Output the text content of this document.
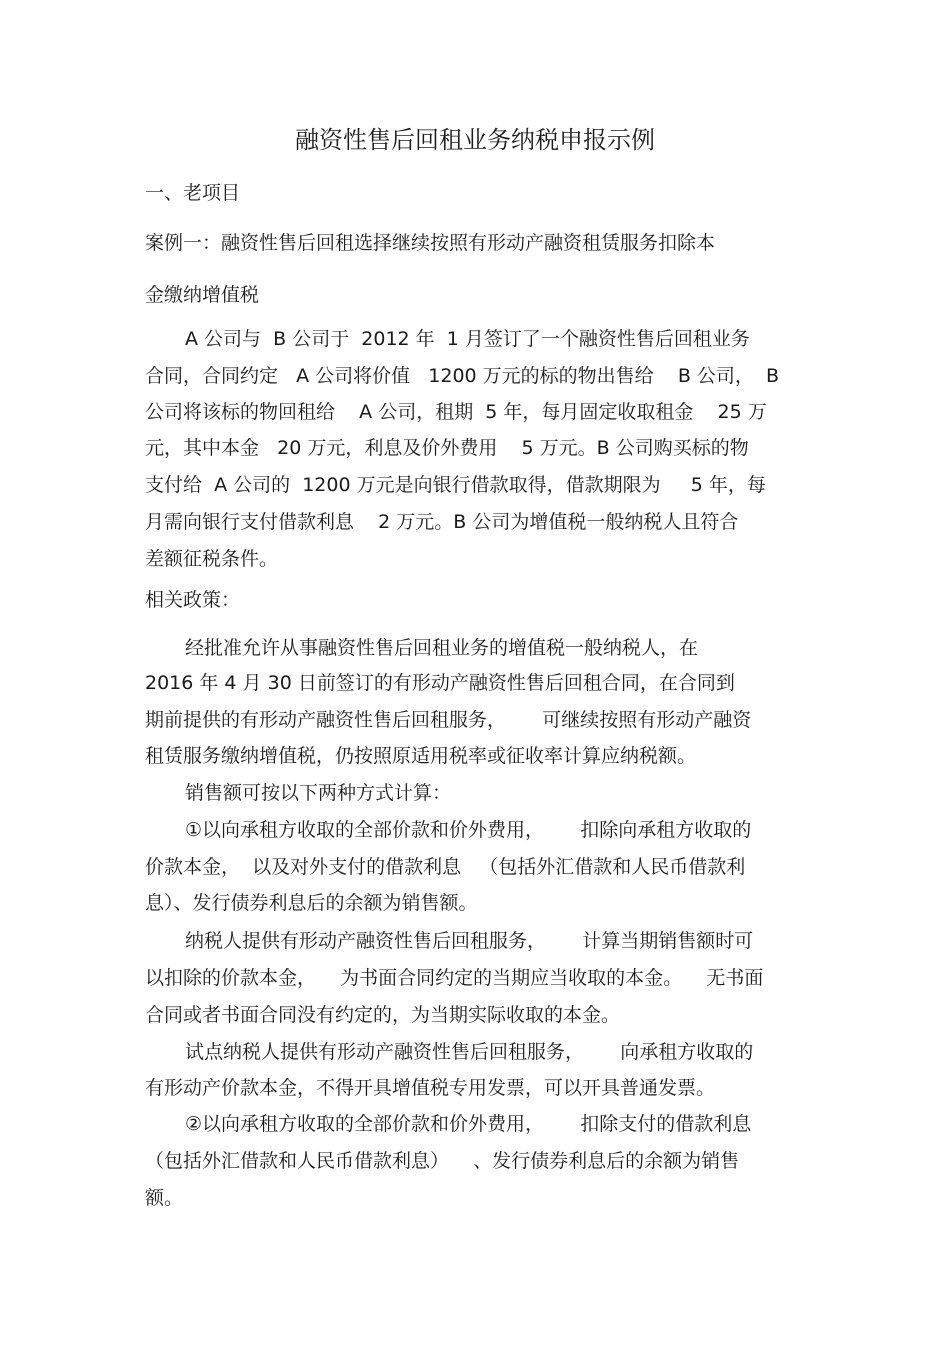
融资性售后回租业务纳税申报示例
一、老项目
案例一：融资性售后回租选择继续按照有形动产融资租赁服务扣除本
金缴纳增值税
A 公司与  B 公司于  2012 年  1 月签订了一个融资性售后回租业务
合同，合同约定   A 公司将价值   1200 万元的标的物出售给    B 公司，  B
公司将该标的物回租给    A 公司，租期  5 年，每月固定收取租金    25 万
元，其中本金   20 万元，利息及价外费用    5 万元。B 公司购买标的物
支付给  A 公司的  1200 万元是向银行借款取得，借款期限为     5 年，每
月需向银行支付借款利息    2 万元。B 公司为增值税一般纳税人且符合
差额征税条件。
相关政策：
经批准允许从事融资性售后回租业务的增值税一般纳税人，在
2016 年 4 月 30 日前签订的有形动产融资性售后回租合同，在合同到
期前提供的有形动产融资性售后回租服务，      可继续按照有形动产融资
租赁服务缴纳增值税，仍按照原适用税率或征收率计算应纳税额。
销售额可按以下两种方式计算：
①以向承租方收取的全部价款和价外费用，      扣除向承租方收取的
价款本金，  以及对外支付的借款利息   （包括外汇借款和人民币借款利
息）、发行债券利息后的余额为销售额。
纳税人提供有形动产融资性售后回租服务，      计算当期销售额时可
以扣除的价款本金，    为书面合同约定的当期应当收取的本金。    无书面
合同或者书面合同没有约定的，为当期实际收取的本金。
试点纳税人提供有形动产融资性售后回租服务，      向承租方收取的
有形动产价款本金，不得开具增值税专用发票，可以开具普通发票。
②以向承租方收取的全部价款和价外费用，      扣除支付的借款利息
（包括外汇借款和人民币借款利息）    、发行债券利息后的余额为销售
额。
